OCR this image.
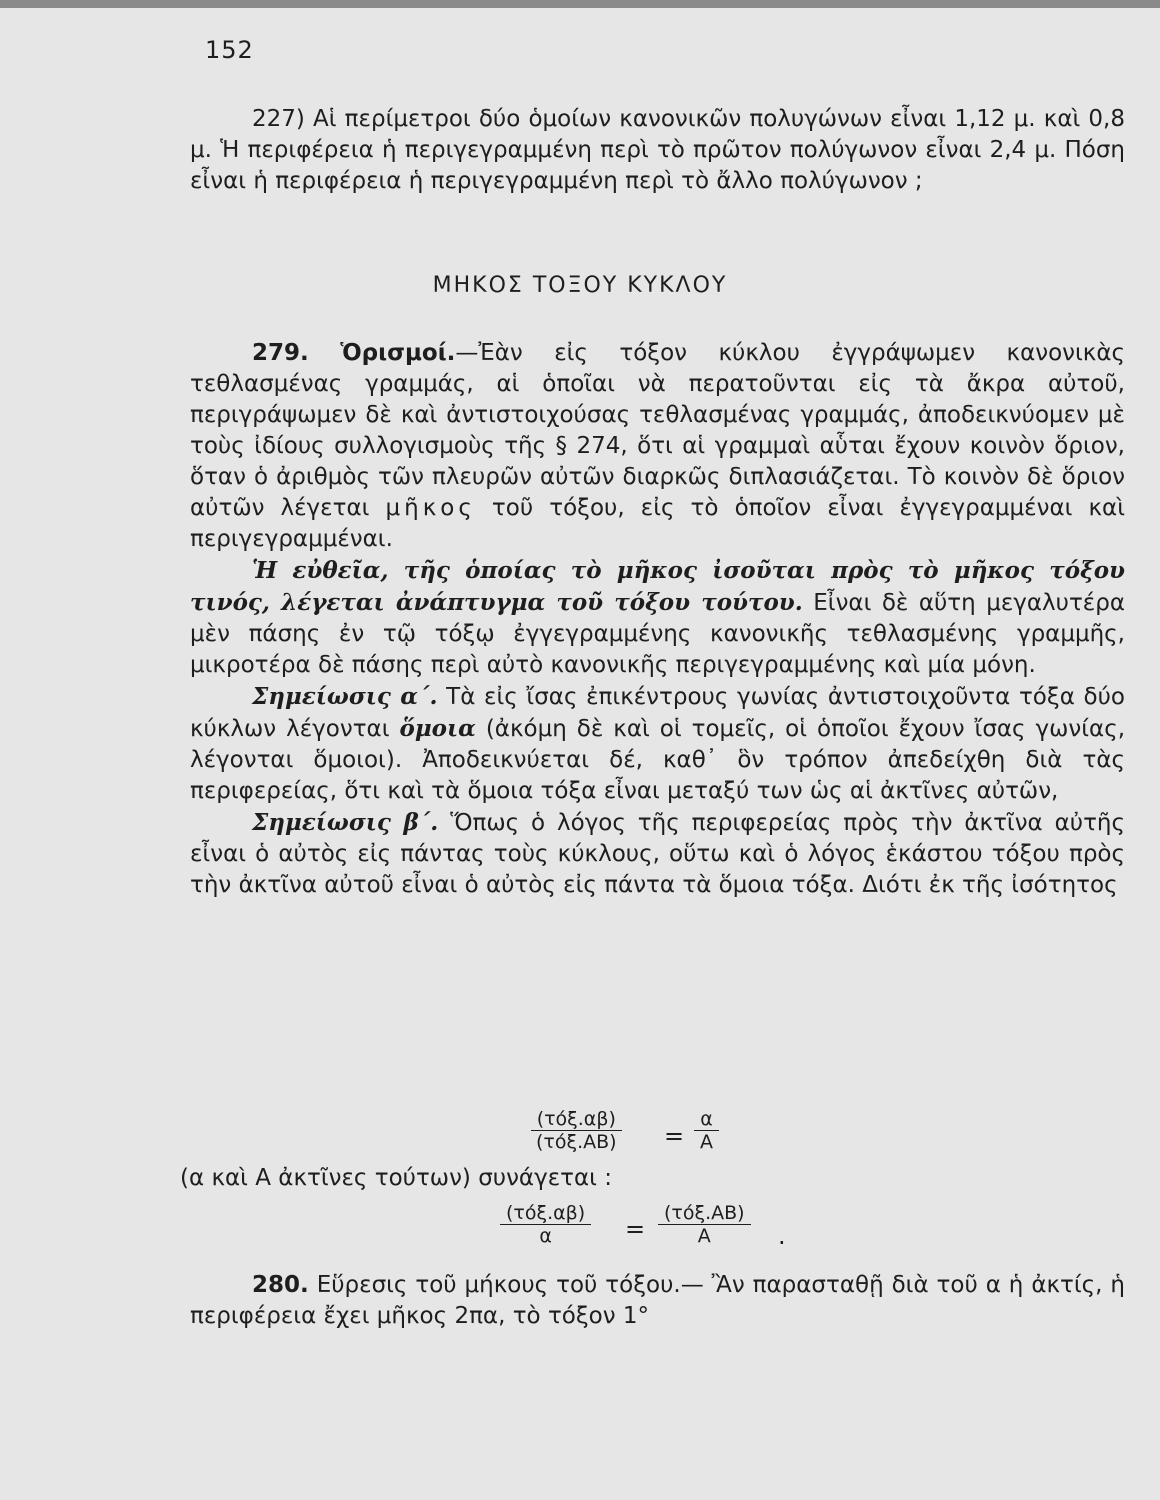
152

227) Αἱ περίμετροι δύο ὁμοίων κανονικῶν πολυγώνων εἶναι 1,12 μ. καὶ 0,8 μ. Ἡ περιφέρεια ἡ περιγεγραμμένη περὶ τὸ πρῶτον πολύγωνον εἶναι 2,4 μ. Πόση εἶναι ἡ περιφέρεια ἡ περιγεγραμμένη περὶ τὸ ἄλλο πολύγωνον ;

ΜΗΚΟΣ ΤΟΞΟΥ ΚΥΚΛΟΥ

279. Ὁρισμοί.—Ἐὰν εἰς τόξον κύκλου ἐγγράψωμεν κανονικὰς τεθλασμένας γραμμάς, αἱ ὁποῖαι νὰ περατοῦνται εἰς τὰ ἄκρα αὐτοῦ, περιγράψωμεν δὲ καὶ ἀντιστοιχούσας τεθλασμένας γραμμάς, ἀποδεικνύομεν μὲ τοὺς ἰδίους συλλογισμοὺς τῆς § 274, ὅτι αἱ γραμμαὶ αὗται ἔχουν κοινὸν ὅριον, ὅταν ὁ ἀριθμὸς τῶν πλευρῶν αὐτῶν διαρκῶς διπλασιάζεται. Τὸ κοινὸν δὲ ὅριον αὐτῶν λέγεται μῆκος τοῦ τόξου, εἰς τὸ ὁποῖον εἶναι ἐγγεγραμμέναι καὶ περιγεγραμμέναι.

Ἡ εὐθεῖα, τῆς ὁποίας τὸ μῆκος ἰσοῦται πρὸς τὸ μῆκος τόξου τινός, λέγεται ἀνάπτυγμα τοῦ τόξου τούτου. Εἶναι δὲ αὕτη μεγαλυτέρα μὲν πάσης ἐν τῷ τόξῳ ἐγγεγραμμένης κανονικῆς τεθλασμένης γραμμῆς, μικροτέρα δὲ πάσης περὶ αὐτὸ κανονικῆς περιγεγραμμένης καὶ μία μόνη.

Σημείωσις α΄. Τὰ εἰς ἴσας ἐπικέντρους γωνίας ἀντιστοιχοῦντα τόξα δύο κύκλων λέγονται ὅμοια (ἀκόμη δὲ καὶ οἱ τομεῖς, οἱ ὁποῖοι ἔχουν ἴσας γωνίας, λέγονται ὅμοιοι). Ἀποδεικνύεται δέ, καθ᾽ ὃν τρόπον ἀπεδείχθη διὰ τὰς περιφερείας, ὅτι καὶ τὰ ὅμοια τόξα εἶναι μεταξύ των ὡς αἱ ἀκτῖνες αὐτῶν,

Σημείωσις β΄. Ὅπως ὁ λόγος τῆς περιφερείας πρὸς τὴν ἀκτῖνα αὐτῆς εἶναι ὁ αὐτὸς εἰς πάντας τοὺς κύκλους, οὕτω καὶ ὁ λόγος ἑκάστου τόξου πρὸς τὴν ἀκτῖνα αὐτοῦ εἶναι ὁ αὐτὸς εἰς πάντα τὰ ὅμοια τόξα. Διότι ἐκ τῆς ἰσότητος

(τόξ.αβ)
$(\tau ό\xi.AB) = \frac{\alpha}{A}$
(α καὶ Α ἀκτῖνες τούτων) συνάγεται :
(τόξ.αβ)
α	=
(τόξ.ΑΒ)
Α	.

280. Εὕρεσις τοῦ μήκους τοῦ τόξου.— Ἂν παρασταθῇ διὰ τοῦ α ἡ ἀκτίς, ἡ περιφέρεια ἔχει μῆκος 2πα, τὸ τόξον 1°
